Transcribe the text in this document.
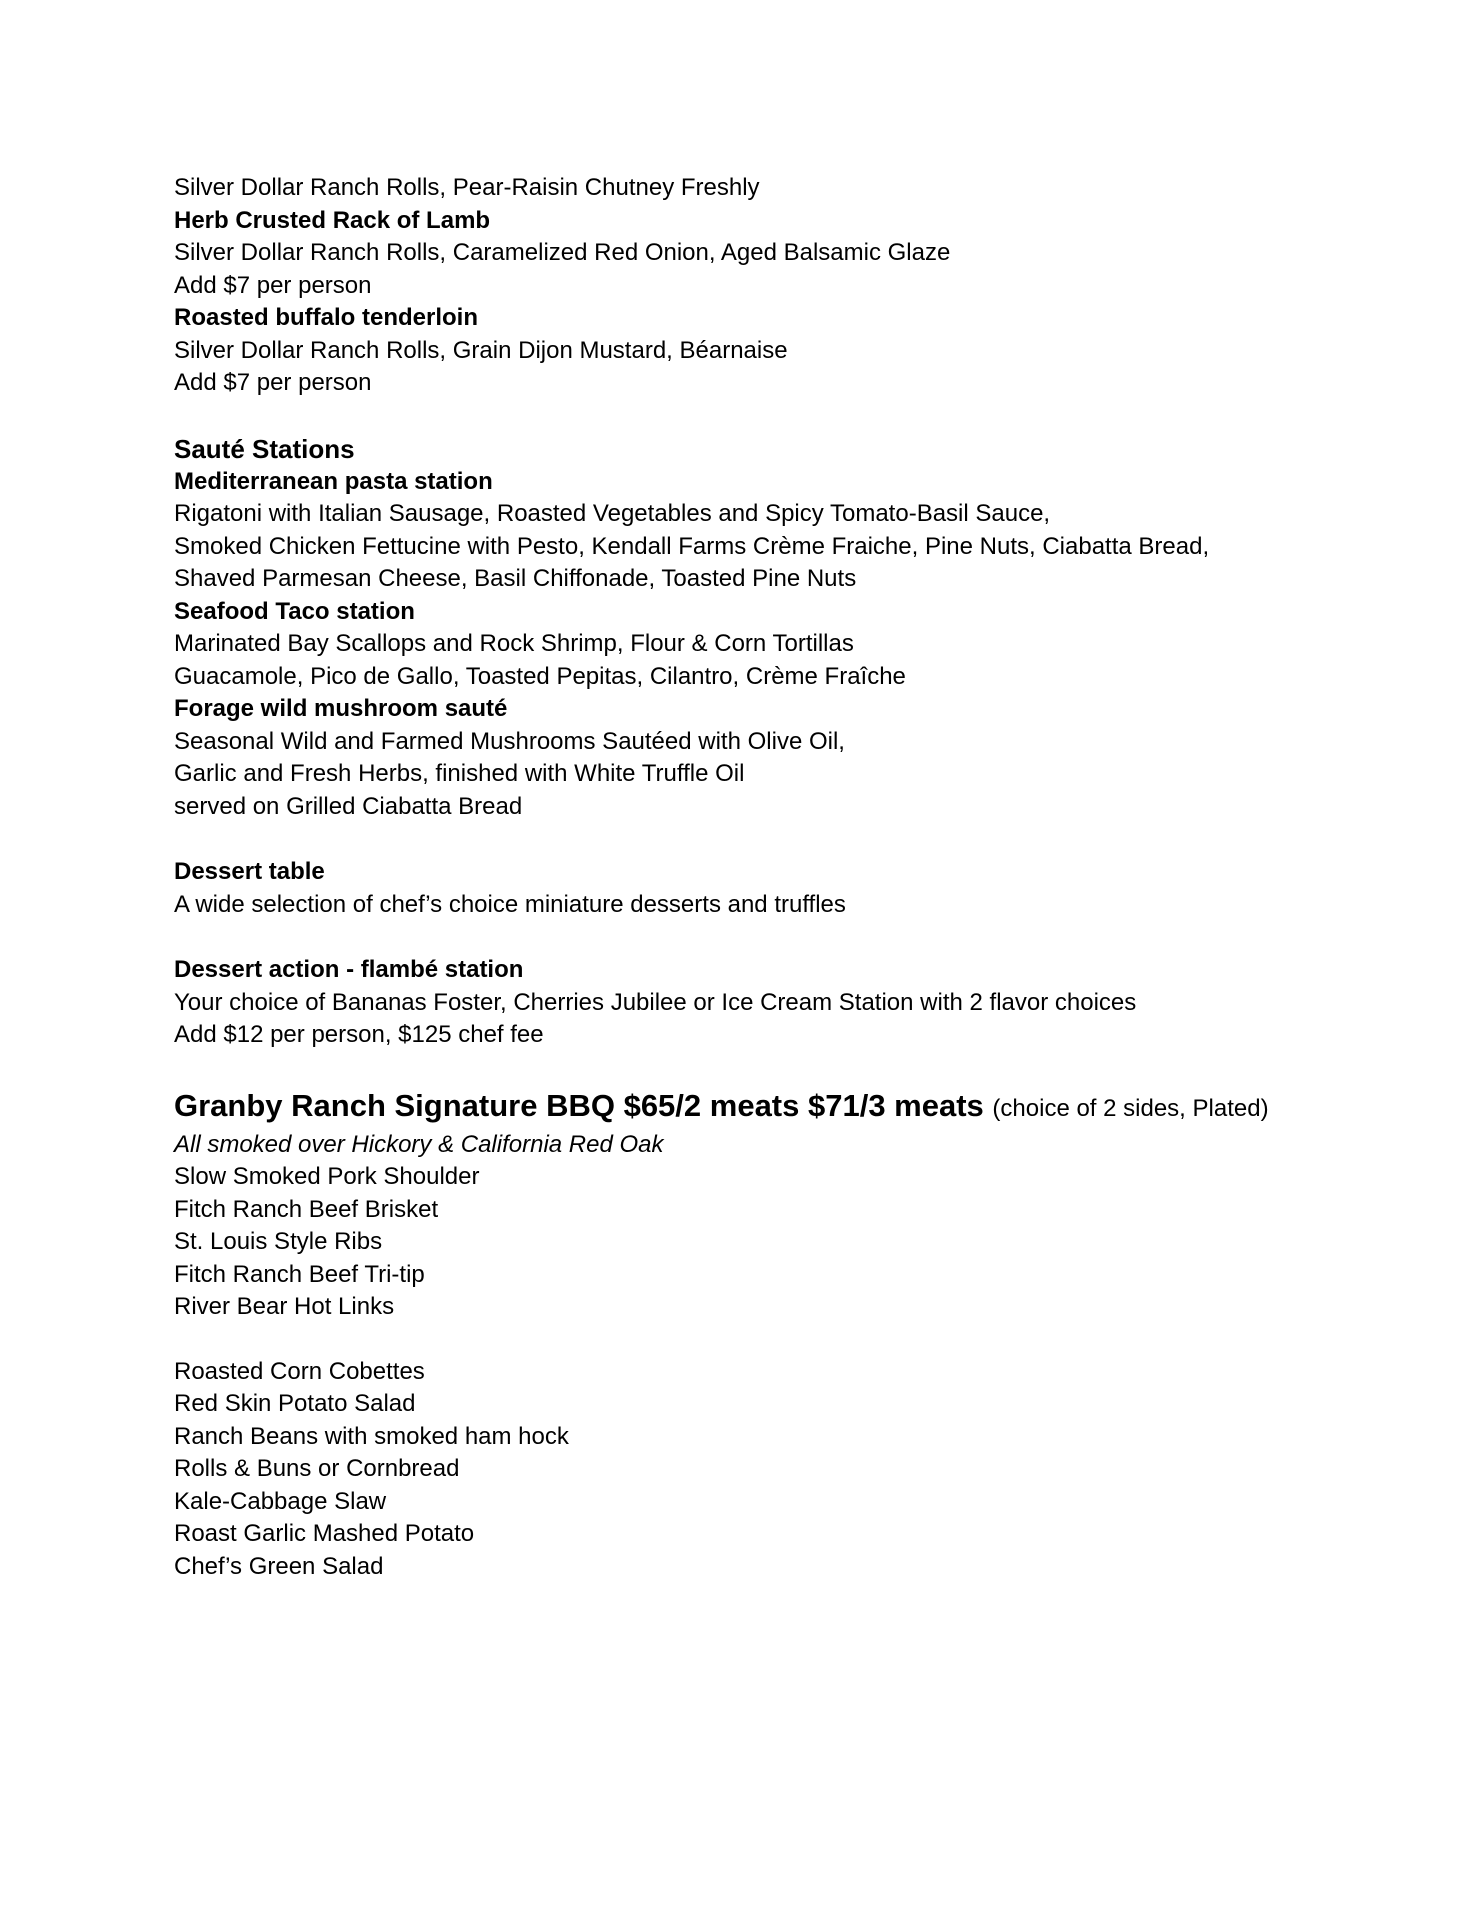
Silver Dollar Ranch Rolls, Pear-Raisin Chutney Freshly
Herb Crusted Rack of Lamb
Silver Dollar Ranch Rolls, Caramelized Red Onion, Aged Balsamic Glaze
Add $7 per person
Roasted buffalo tenderloin
Silver Dollar Ranch Rolls, Grain Dijon Mustard, Béarnaise
Add $7 per person
Sauté Stations
Mediterranean pasta station
Rigatoni with Italian Sausage, Roasted Vegetables and Spicy Tomato-Basil Sauce,
Smoked Chicken Fettucine with Pesto, Kendall Farms Crème Fraiche, Pine Nuts, Ciabatta Bread,
Shaved Parmesan Cheese, Basil Chiffonade, Toasted Pine Nuts
Seafood Taco station
Marinated Bay Scallops and Rock Shrimp, Flour & Corn Tortillas
Guacamole, Pico de Gallo, Toasted Pepitas, Cilantro, Crème Fraîche
Forage wild mushroom sauté
Seasonal Wild and Farmed Mushrooms Sautéed with Olive Oil,
Garlic and Fresh Herbs, finished with White Truffle Oil
served on Grilled Ciabatta Bread
Dessert table
A wide selection of chef’s choice miniature desserts and truffles
Dessert action - flambé station
Your choice of Bananas Foster, Cherries Jubilee or Ice Cream Station with 2 flavor choices
Add $12 per person, $125 chef fee
Granby Ranch Signature BBQ $65/2 meats $71/3 meats (choice of 2 sides, Plated)
All smoked over Hickory & California Red Oak
Slow Smoked Pork Shoulder
Fitch Ranch Beef Brisket
St. Louis Style Ribs
Fitch Ranch Beef Tri-tip
River Bear Hot Links
Roasted Corn Cobettes
Red Skin Potato Salad
Ranch Beans with smoked ham hock
Rolls & Buns or Cornbread
Kale-Cabbage Slaw
Roast Garlic Mashed Potato
Chef’s Green Salad
